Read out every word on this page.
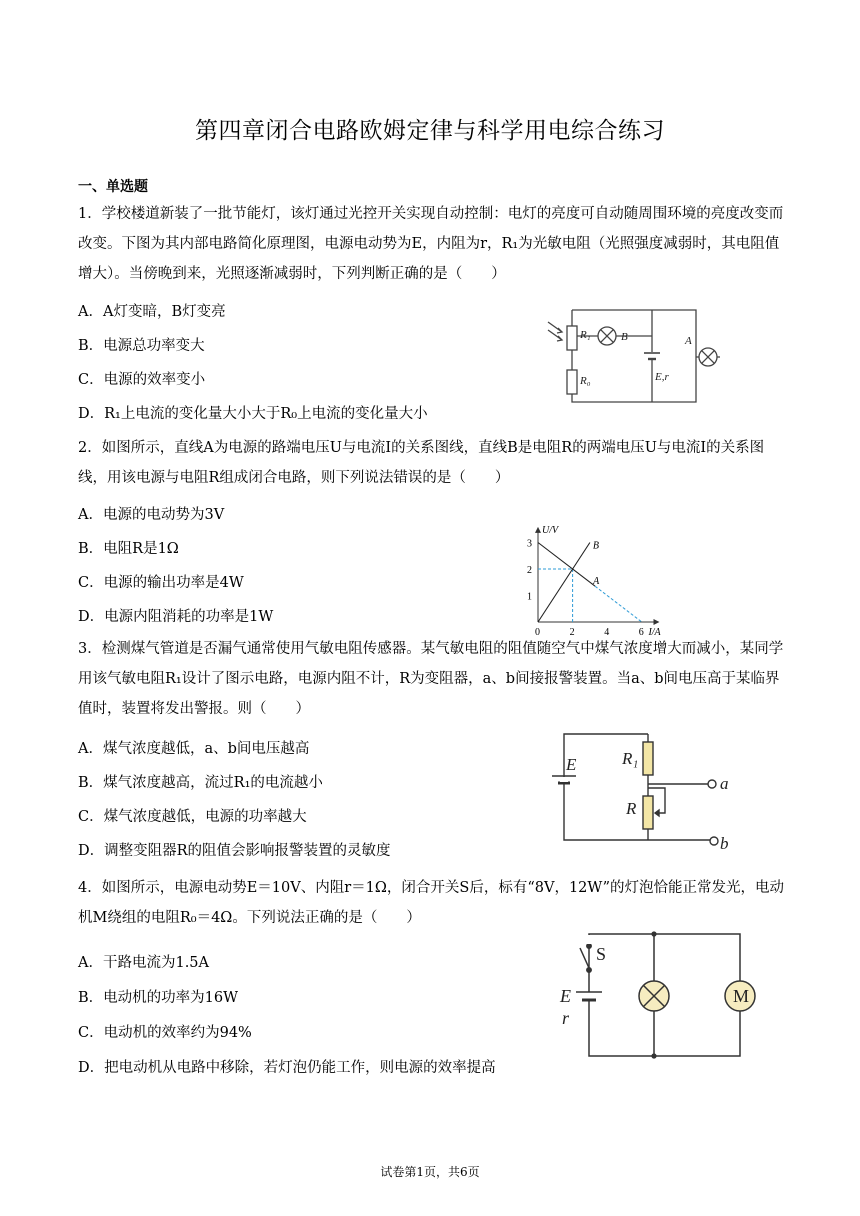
第四章闭合电路欧姆定律与科学用电综合练习
一、单选题
1．学校楼道新装了一批节能灯，该灯通过光控开关实现自动控制：电灯的亮度可自动随周围环境的亮度改变而改变。下图为其内部电路简化原理图，电源电动势为E，内阻为r，R₁为光敏电阻（光照强度减弱时，其电阻值增大）。当傍晚到来，光照逐渐减弱时，下列判断正确的是（　　）
A．A灯变暗，B灯变亮
B．电源总功率变大
C．电源的效率变小
D．R₁上电流的变化量大小大于R₀上电流的变化量大小
R₁	B
R₀	E,r
A
2．如图所示，直线A为电源的路端电压U与电流I的关系图线，直线B是电阻R的两端电压U与电流I的关系图线，用该电源与电阻R组成闭合电路，则下列说法错误的是（　　）
A．电源的电动势为3V
B．电阻R是1Ω
C．电源的输出功率是4W
D．电源内阻消耗的功率是1W
U/V
I/A
0	2	4	6
1
2
3
A
B
3．检测煤气管道是否漏气通常使用气敏电阻传感器。某气敏电阻的阻值随空气中煤气浓度增大而减小，某同学用该气敏电阻R₁设计了图示电路，电源内阻不计，R为变阻器，a、b间接报警装置。当a、b间电压高于某临界值时，装置将发出警报。则（　　）
A．煤气浓度越低，a、b间电压越高
B．煤气浓度越高，流过R₁的电流越小
C．煤气浓度越低，电源的功率越大
D．调整变阻器R的阻值会影响报警装置的灵敏度
E	R₁
R
a
b
4．如图所示，电源电动势E＝10V、内阻r＝1Ω，闭合开关S后，标有“8V，12W”的灯泡恰能正常发光，电动机M绕组的电阻R₀＝4Ω。下列说法正确的是（　　）
A．干路电流为1.5A
B．电动机的功率为16W
C．电动机的效率约为94%
D．把电动机从电路中移除，若灯泡仍能工作，则电源的效率提高
S
E
r
M
试卷第1页，共6页
